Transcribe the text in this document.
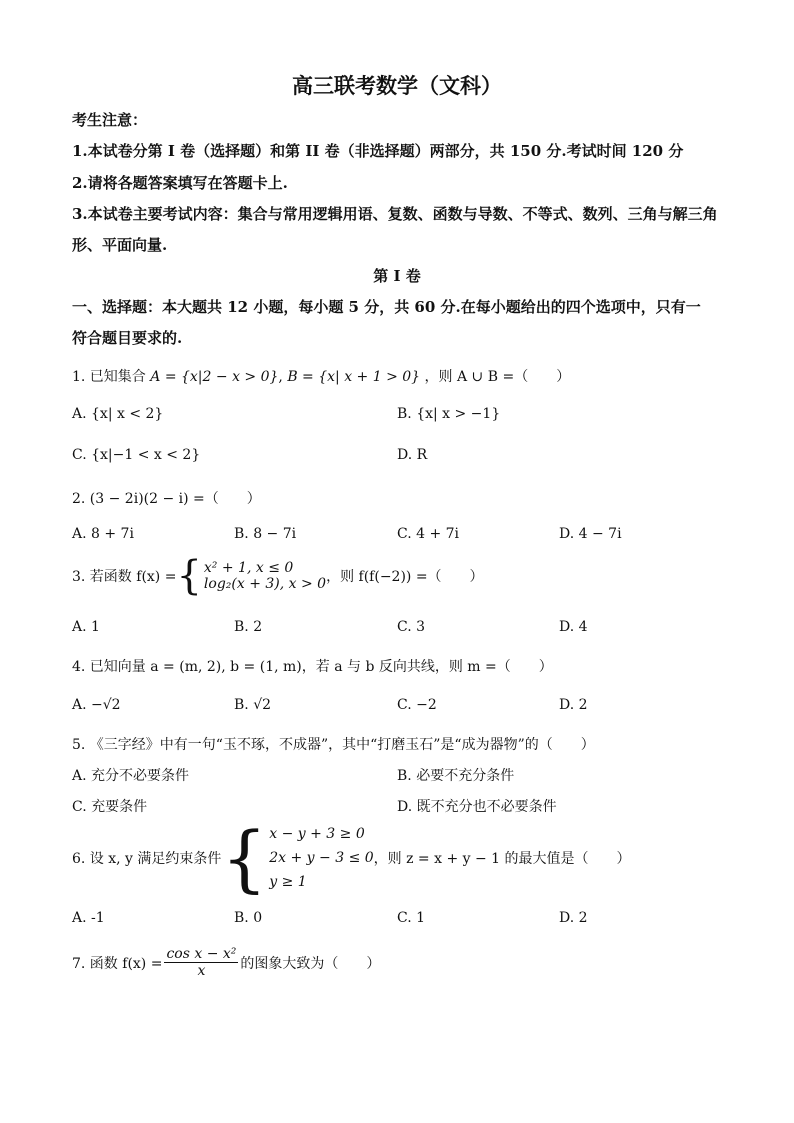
高三联考数学（文科）
考生注意：
1.本试卷分第 I 卷（选择题）和第 II 卷（非选择题）两部分，共 150 分.考试时间 120 分
2.请将各题答案填写在答题卡上.
3.本试卷主要考试内容：集合与常用逻辑用语、复数、函数与导数、不等式、数列、三角与解三角
形、平面向量.
第 I 卷
一、选择题：本大题共 12 小题，每小题 5 分，共 60 分.在每小题给出的四个选项中，只有一
符合题目要求的.
1. 已知集合 A = {x|2 − x > 0}, B = {x| x + 1 > 0} ，则 A ∪ B =（　　）
A. {x| x < 2}	B. {x| x > −1}
C. {x|−1 < x < 2}	D. R
2. (3 − 2i)(2 − i) =（　　）
A. 8 + 7i	B. 8 − 7i	C. 4 + 7i	D. 4 − 7i
3. 若函数 f(x) = { x² + 1, x ≤ 0
log₂(x + 3), x > 0 ，则 f(f(−2)) =（　　）
A. 1	B. 2	C. 3	D. 4
4. 已知向量 a = (m, 2), b = (1, m)，若 a 与 b 反向共线，则 m =（　　）
A. −√2	B. √2	C. −2	D. 2
5. 《三字经》中有一句“玉不琢，不成器”，其中“打磨玉石”是“成为器物”的（　　）
A. 充分不必要条件	B. 必要不充分条件
C. 充要条件	D. 既不充分也不必要条件
6. 设 x, y 满足约束条件 { x − y + 3 ≥ 0
2x + y − 3 ≤ 0
y ≥ 1
，则 z = x + y − 1 的最大值是（　　）
A. -1	B. 0	C. 1	D. 2
7. 函数 $f(x) = \frac{\text{cos x − x²}}{x}$ 的图象大致为（　　）
